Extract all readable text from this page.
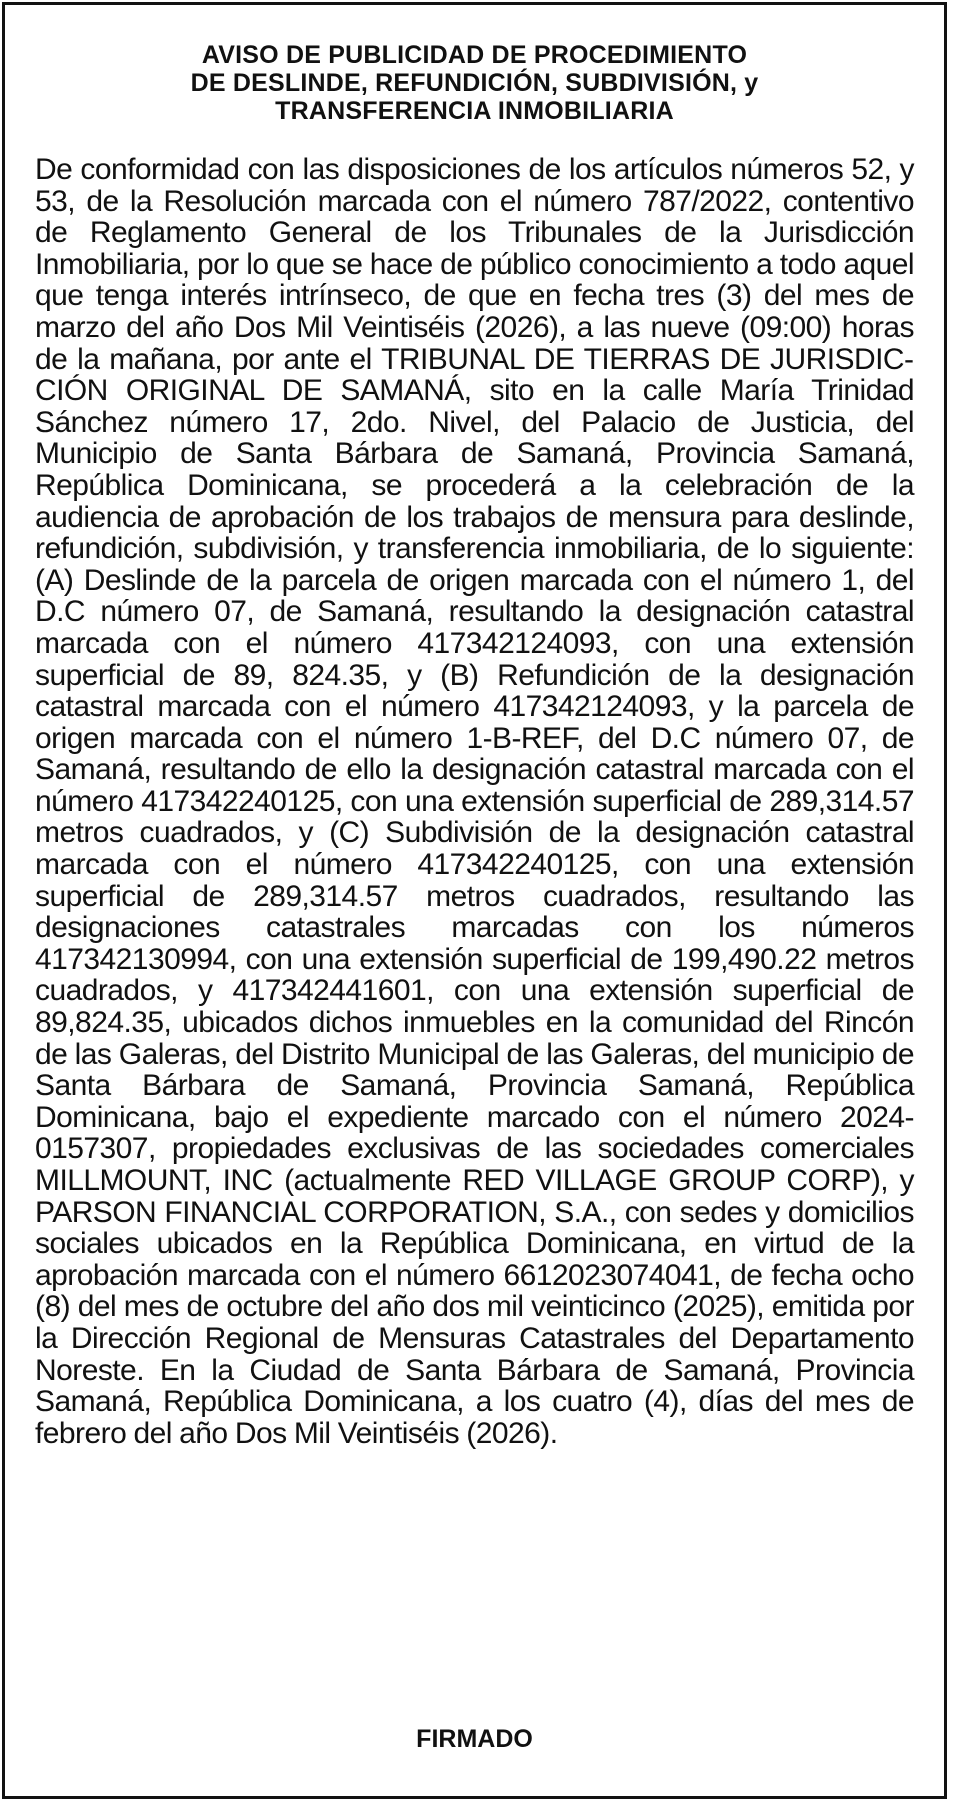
AVISO DE PUBLICIDAD DE PROCEDIMIENTO
DE DESLINDE, REFUNDICIÓN, SUBDIVISIÓN, y
TRANSFERENCIA INMOBILIARIA

De conformidad con las disposiciones de los artículos números 52, y 53, de la Resolución marcada con el número 787/2022, contentivo de Reglamento General de los Tribunales de la Jurisdicción Inmobiliaria, por lo que se hace de público conocimiento a todo aquel que tenga interés intrínseco, de que en fecha tres (3) del mes de marzo del año Dos Mil Veintiséis (2026), a las nueve (09:00) horas de la mañana, por ante el TRIBUNAL DE TIERRAS DE JURISDICCIÓN ORIGINAL DE SAMANÁ, sito en la calle María Trinidad Sánchez número 17, 2do. Nivel, del Palacio de Justicia, del Municipio de Santa Bárbara de Samaná, Provincia Samaná, República Dominicana, se procederá a la celebración de la audiencia de aprobación de los trabajos de mensura para deslinde, refundición, subdivisión, y transferencia inmobiliaria, de lo siguiente: (A) Deslinde de la parcela de origen marcada con el número 1, del D.C número 07, de Samaná, resultando la designación catastral marcada con el número 417342124093, con una extensión superficial de 89, 824.35, y (B) Refundición de la designación catastral marcada con el número 417342124093, y la parcela de origen marcada con el número 1-B-REF, del D.C número 07, de Samaná, resultando de ello la designación catastral marcada con el número 417342240125, con una extensión superficial de 289,314.57 metros cuadrados, y (C) Subdivisión de la designación catastral marcada con el número 417342240125, con una extensión superficial de 289,314.57 metros cuadrados, resultando las designaciones catastrales marcadas con los números 417342130994, con una extensión superficial de 199,490.22 metros cuadrados, y 417342441601, con una extensión superficial de 89,824.35, ubicados dichos inmuebles en la comunidad del Rincón de las Galeras, del Distrito Municipal de las Galeras, del municipio de Santa Bárbara de Samaná, Provincia Samaná, República Dominicana, bajo el expediente marcado con el número 2024-0157307, propiedades exclusivas de las sociedades comerciales MILLMOUNT, INC (actualmente RED VILLAGE GROUP CORP), y PARSON FINANCIAL CORPORATION, S.A., con sedes y domicilios sociales ubicados en la República Dominicana, en virtud de la aprobación marcada con el número 6612023074041, de fecha ocho (8) del mes de octubre del año dos mil veinticinco (2025), emitida por la Dirección Regional de Mensuras Catastrales del Departamento Noreste. En la Ciudad de Santa Bárbara de Samaná, Provincia Samaná, República Dominicana, a los cuatro (4), días del mes de febrero del año Dos Mil Veintiséis (2026).

FIRMADO
